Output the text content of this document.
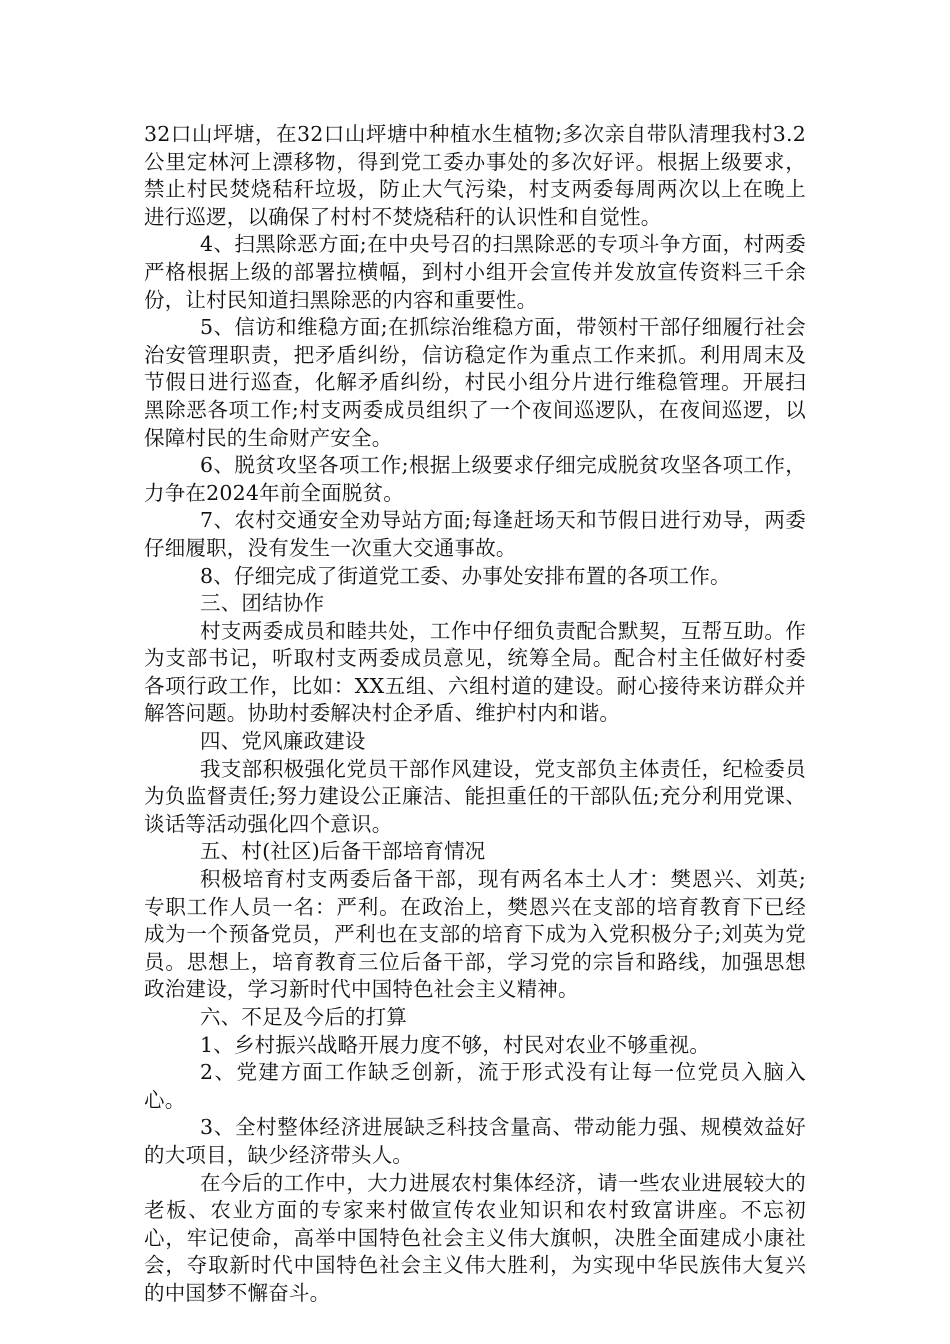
32口山坪塘，在32口山坪塘中种植水生植物;多次亲自带队清理我村3.2公里定林河上漂移物，得到党工委办事处的多次好评。根据上级要求，禁止村民焚烧秸秆垃圾，防止大气污染，村支两委每周两次以上在晚上进行巡逻，以确保了村村不焚烧秸秆的认识性和自觉性。

4、扫黑除恶方面;在中央号召的扫黑除恶的专项斗争方面，村两委严格根据上级的部署拉横幅，到村小组开会宣传并发放宣传资料三千余份，让村民知道扫黑除恶的内容和重要性。

5、信访和维稳方面;在抓综治维稳方面，带领村干部仔细履行社会治安管理职责，把矛盾纠纷，信访稳定作为重点工作来抓。利用周末及节假日进行巡查，化解矛盾纠纷，村民小组分片进行维稳管理。开展扫黑除恶各项工作;村支两委成员组织了一个夜间巡逻队，在夜间巡逻，以保障村民的生命财产安全。

6、脱贫攻坚各项工作;根据上级要求仔细完成脱贫攻坚各项工作，力争在2024年前全面脱贫。

7、农村交通安全劝导站方面;每逢赶场天和节假日进行劝导，两委仔细履职，没有发生一次重大交通事故。

8、仔细完成了街道党工委、办事处安排布置的各项工作。

三、团结协作

村支两委成员和睦共处，工作中仔细负责配合默契，互帮互助。作为支部书记，听取村支两委成员意见，统筹全局。配合村主任做好村委各项行政工作，比如：XX五组、六组村道的建设。耐心接待来访群众并解答问题。协助村委解决村企矛盾、维护村内和谐。

四、党风廉政建设

我支部积极强化党员干部作风建设，党支部负主体责任，纪检委员为负监督责任;努力建设公正廉洁、能担重任的干部队伍;充分利用党课、谈话等活动强化四个意识。

五、村(社区)后备干部培育情况

积极培育村支两委后备干部，现有两名本土人才：樊恩兴、刘英;专职工作人员一名：严利。在政治上，樊恩兴在支部的培育教育下已经成为一个预备党员，严利也在支部的培育下成为入党积极分子;刘英为党员。思想上，培育教育三位后备干部，学习党的宗旨和路线，加强思想政治建设，学习新时代中国特色社会主义精神。

六、不足及今后的打算

1、乡村振兴战略开展力度不够，村民对农业不够重视。

2、党建方面工作缺乏创新，流于形式没有让每一位党员入脑入心。

3、全村整体经济进展缺乏科技含量高、带动能力强、规模效益好的大项目，缺少经济带头人。

在今后的工作中，大力进展农村集体经济，请一些农业进展较大的老板、农业方面的专家来村做宣传农业知识和农村致富讲座。不忘初心，牢记使命，高举中国特色社会主义伟大旗帜，决胜全面建成小康社会，夺取新时代中国特色社会主义伟大胜利，为实现中华民族伟大复兴的中国梦不懈奋斗。
